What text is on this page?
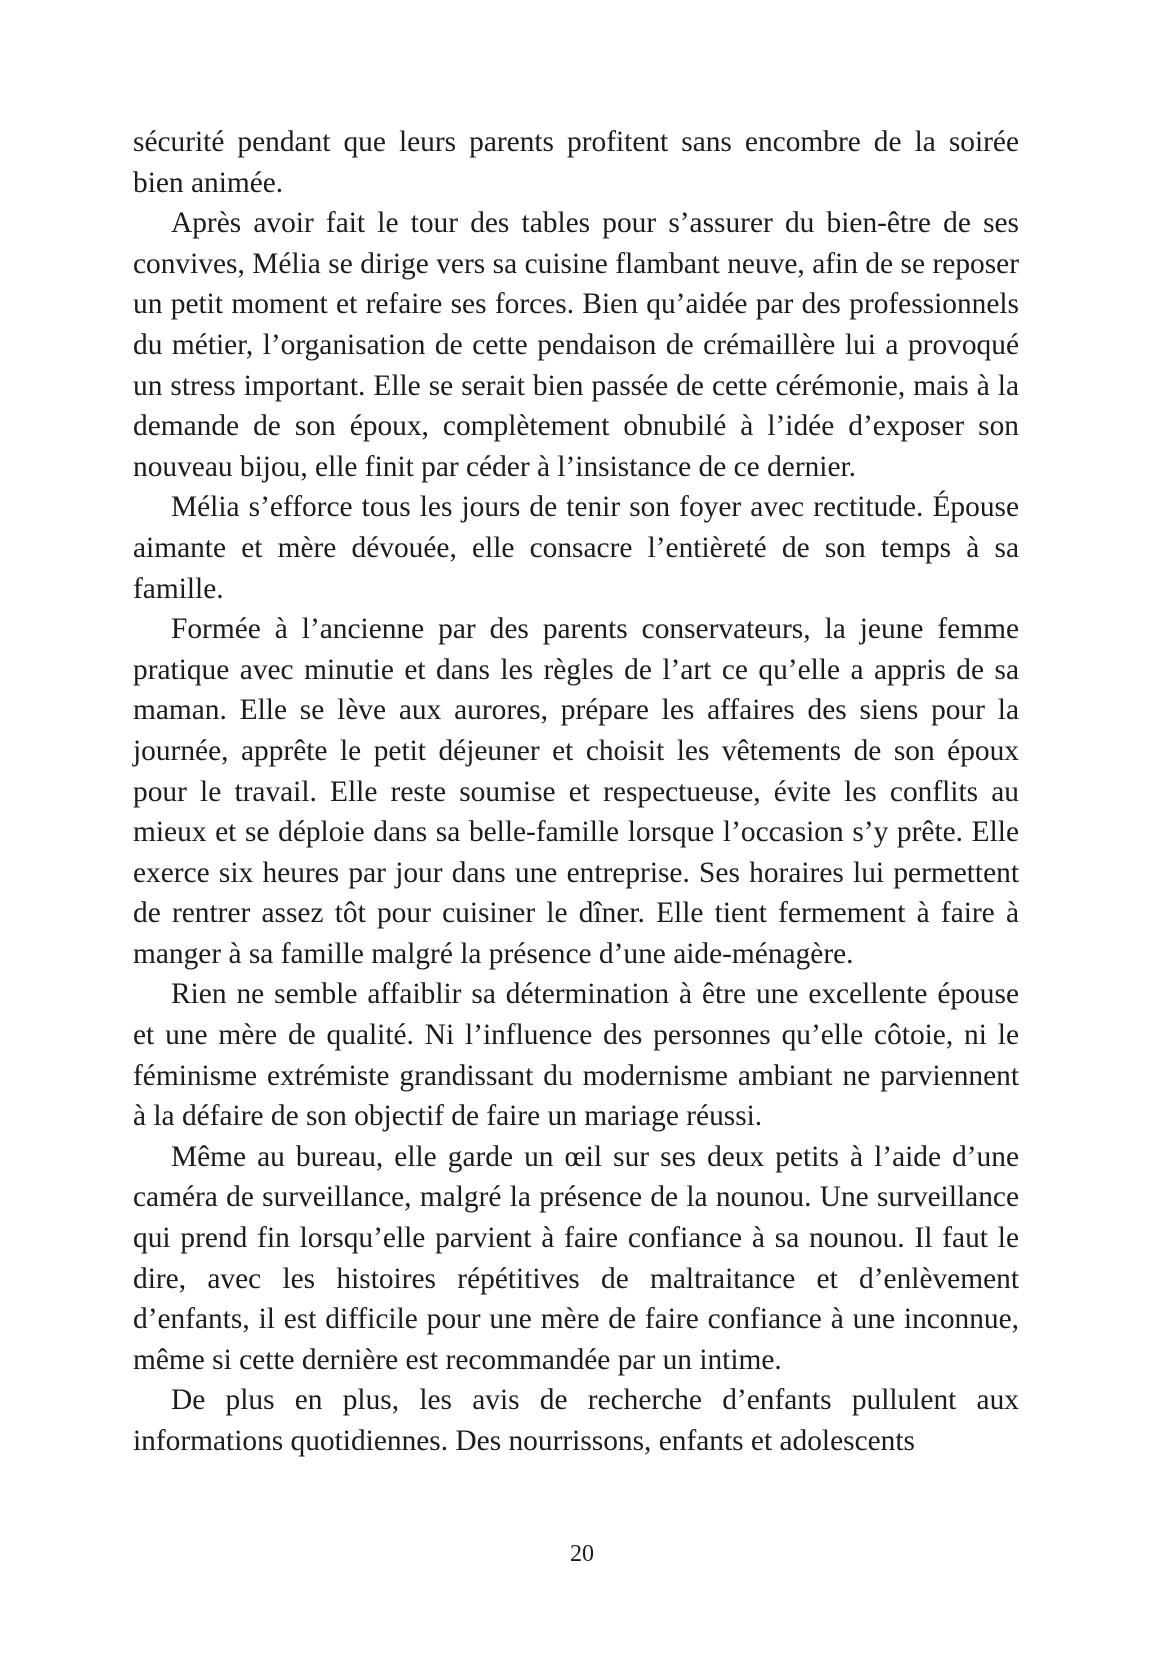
sécurité pendant que leurs parents profitent sans encombre de la soirée bien animée.

Après avoir fait le tour des tables pour s’assurer du bien-être de ses convives, Mélia se dirige vers sa cuisine flambant neuve, afin de se reposer un petit moment et refaire ses forces. Bien qu’aidée par des professionnels du métier, l’organisation de cette pendaison de crémaillère lui a provoqué un stress important. Elle se serait bien passée de cette cérémonie, mais à la demande de son époux, complètement obnubilé à l’idée d’exposer son nouveau bijou, elle finit par céder à l’insistance de ce dernier.

Mélia s’efforce tous les jours de tenir son foyer avec rectitude. Épouse aimante et mère dévouée, elle consacre l’entièreté de son temps à sa famille.

Formée à l’ancienne par des parents conservateurs, la jeune femme pratique avec minutie et dans les règles de l’art ce qu’elle a appris de sa maman. Elle se lève aux aurores, prépare les affaires des siens pour la journée, apprête le petit déjeuner et choisit les vêtements de son époux pour le travail. Elle reste soumise et respectueuse, évite les conflits au mieux et se déploie dans sa belle-famille lorsque l’occasion s’y prête. Elle exerce six heures par jour dans une entreprise. Ses horaires lui permettent de rentrer assez tôt pour cuisiner le dîner. Elle tient fermement à faire à manger à sa famille malgré la présence d’une aide-ménagère.

Rien ne semble affaiblir sa détermination à être une excellente épouse et une mère de qualité. Ni l’influence des personnes qu’elle côtoie, ni le féminisme extrémiste grandissant du modernisme ambiant ne parviennent à la défaire de son objectif de faire un mariage réussi.

Même au bureau, elle garde un œil sur ses deux petits à l’aide d’une caméra de surveillance, malgré la présence de la nounou. Une surveillance qui prend fin lorsqu’elle parvient à faire confiance à sa nounou. Il faut le dire, avec les histoires répétitives de maltraitance et d’enlèvement d’enfants, il est difficile pour une mère de faire confiance à une inconnue, même si cette dernière est recommandée par un intime.

De plus en plus, les avis de recherche d’enfants pullulent aux informations quotidiennes. Des nourrissons, enfants et adolescents

20
